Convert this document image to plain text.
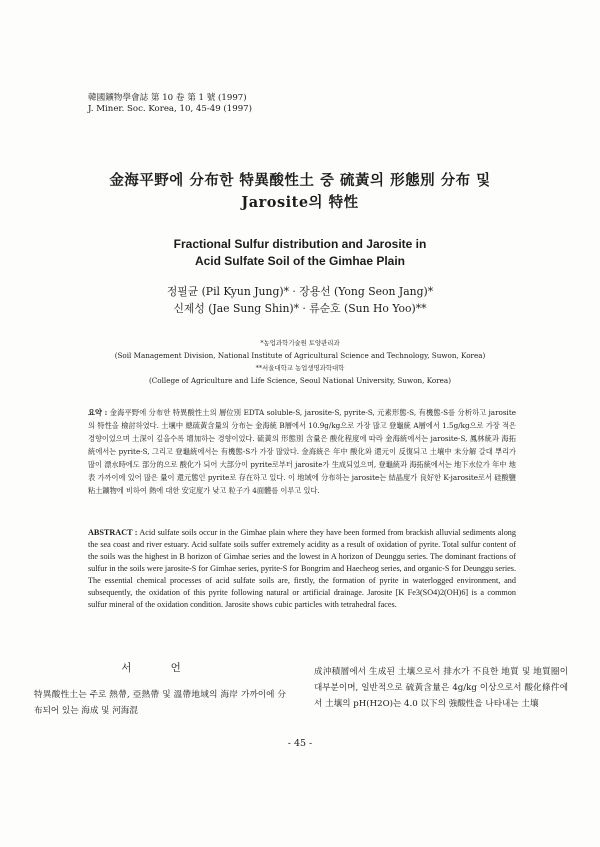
韓國鑛物學會誌 第 10 卷 第 1 號 (1997)
J. Miner. Soc. Korea, 10, 45-49 (1997)
金海平野에 分布한 特異酸性土 중 硫黃의 形態別 分布 및
Jarosite의 特性
Fractional Sulfur distribution and Jarosite in
Acid Sulfate Soil of the Gimhae Plain
정필균 (Pil Kyun Jung)* · 장용선 (Yong Seon Jang)*
신제성 (Jae Sung Shin)* · 류순호 (Sun Ho Yoo)**
*농업과학기술원 토양관리과
(Soil Management Division, National Institute of Agricultural Science and Technology, Suwon, Korea)
**서울대학교 농업생명과학대학
(College of Agriculture and Life Science, Seoul National University, Suwon, Korea)
요약 : 金海平野에 分布한 特異酸性土의 層位別 EDTA soluble-S, jarosite-S, pyrite-S, 元素形態-S, 有機態-S를 分析하고 jarosite의 特性을 檢討하였다. 土壤中 總硫黃含量의 分布는 金海統 B層에서 10.9g/kg으로 가장 많고 登龜統 A層에서 1.5g/kg으로 가장 적은 경향이었으며 土深이 깊을수록 增加하는 경향이었다. 硫黃의 形態別 含量은 酸化程度에 따라 金海統에서는 jarosite-S, 鳳林統과 海拓統에서는 pyrite-S, 그리고 登龜統에서는 有機態-S가 가장 많았다. 金海統은 年中 酸化와 還元이 反復되고 土壤中 未分解 갈대 뿌리가 많이 漂水時에도 部分的으로 酸化가 되어 大部分이 pyrite로부터 jarosite가 生成되었으며, 登龜統과 海拓統에서는 地下水位가 年中 地表 가까이에 있어 많은 量이 還元態인 pyrite로 存在하고 있다. 이 地域에 分布하는 jarosite는 結晶度가 良好한 K-jarosite로서 硅酸鹽 粘土鑛物에 비하여 熱에 대한 安定度가 낮고 粒子가 4面體를 이루고 있다.
ABSTRACT : Acid sulfate soils occur in the Gimhae plain where they have been formed from brackish alluvial sediments along the sea coast and river estuary. Acid sulfate soils suffer extremely acidity as a result of oxidation of pyrite. Total sulfur content of the soils was the highest in B horizon of Gimhae series and the lowest in A horizon of Deunggu series. The dominant fractions of sulfur in the soils were jarosite-S for Gimhae series, pyrite-S for Bongrim and Haecheog series, and organic-S for Deunggu series. The essential chemical processes of acid sulfate soils are, firstly, the formation of pyrite in waterlogged environment, and subsequently, the oxidation of this pyrite following natural or artificial drainage. Jarosite [K Fe3(SO4)2(OH)6] is a common sulfur mineral of the oxidation condition. Jarosite shows cubic particles with tetrahedral faces.
서 언

特異酸性土는 주로 熱帶, 亞熱帶 및 溫帶地域의 海岸 가까이에 分布되어 있는 海成 및 河海混

成沖積層에서 生成된 土壤으로서 排水가 不良한 地質 및 地質圈이 대부분이며, 일반적으로 硫黃含量은 4g/kg 이상으로서 酸化條件에서 土壤의 pH(H2O)는 4.0 以下의 強酸性을 나타내는 土壤

- 45 -
